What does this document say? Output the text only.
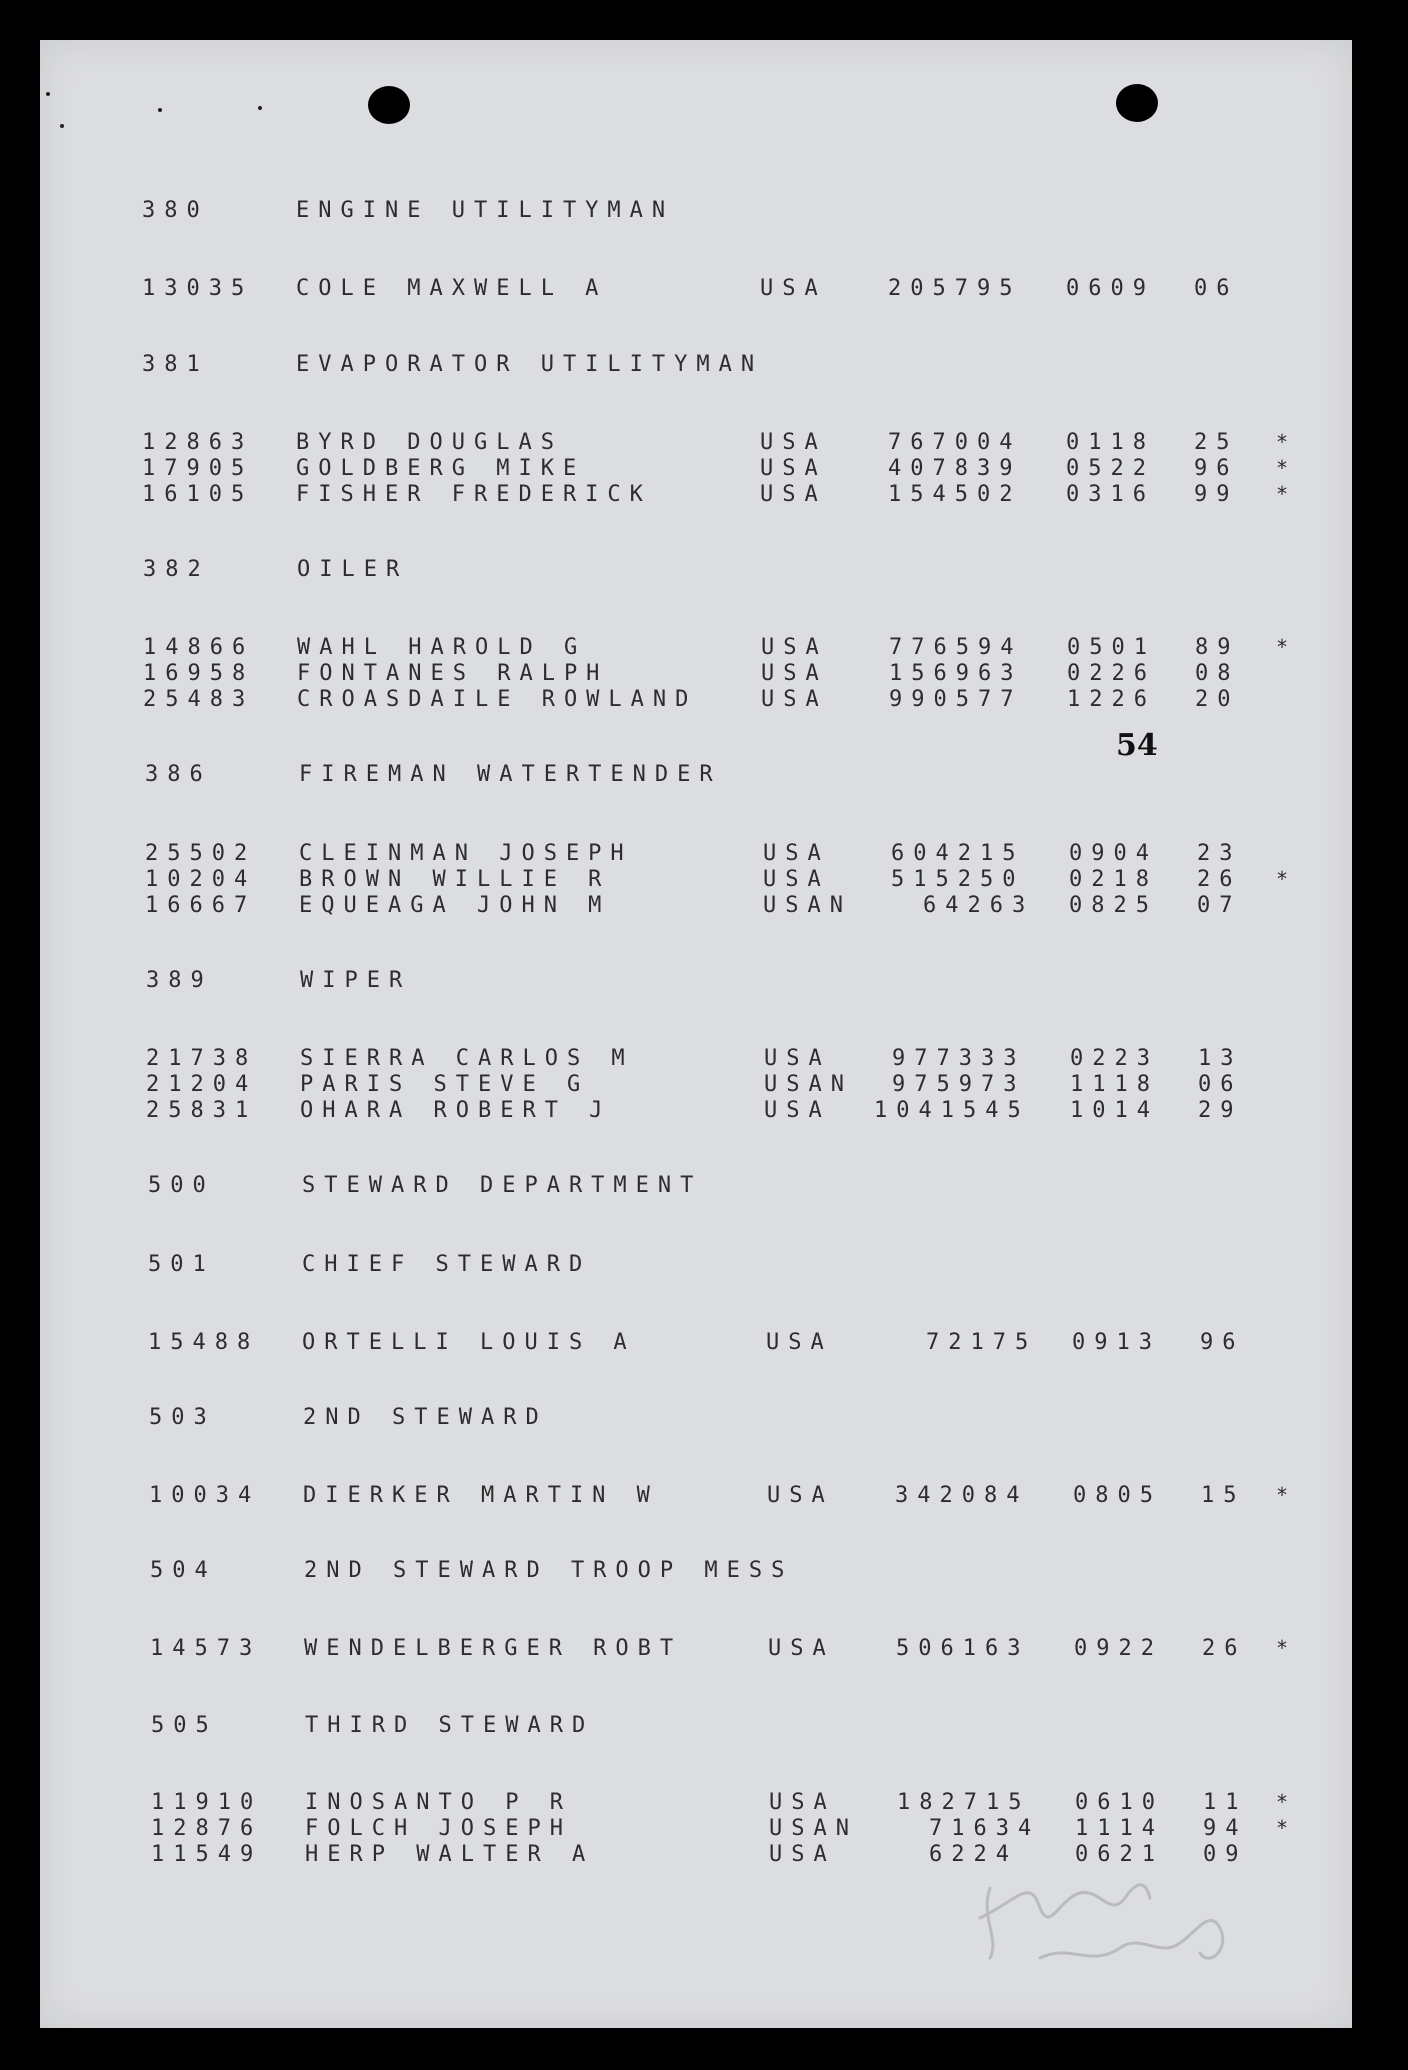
54
380	ENGINE UTILITYMAN
13035 COLE MAXWELL A	USA	205795 0609 06
381	EVAPORATOR UTILITYMAN
12863 BYRD DOUGLAS	USA	767004 0118 25 *
17905 GOLDBERG MIKE	USA	407839 0522 96 *
16105 FISHER FREDERICK	USA	154502 0316 99 *
382	OILER
14866 WAHL HAROLD G	USA	776594 0501 89 *
16958 FONTANES RALPH	USA	156963 0226 08
25483 CROASDAILE ROWLAND	USA	990577 1226 20
386	FIREMAN WATERTENDER
25502 CLEINMAN JOSEPH	USA	604215 0904 23
10204 BROWN WILLIE R	USA	515250 0218 26 *
16667 EQUEAGA JOHN M	USAN	64263 0825 07
389	WIPER
21738 SIERRA CARLOS M	USA	977333 0223 13
21204 PARIS STEVE G	USAN 975973 1118 06
25831 OHARA ROBERT J	USA 1041545 1014 29
500	STEWARD DEPARTMENT
501	CHIEF STEWARD
15488 ORTELLI LOUIS A	USA	72175 0913 96
503	2ND STEWARD
10034 DIERKER MARTIN W	USA	342084 0805 15 *
504	2ND STEWARD TROOP MESS
14573 WENDELBERGER ROBT	USA	506163 0922 26 *
505	THIRD STEWARD
11910 INOSANTO P R	USA	182715 0610 11 *
12876 FOLCH JOSEPH	USAN	71634 1114 94 *
11549 HERP WALTER A	USA	6224	0621 09
